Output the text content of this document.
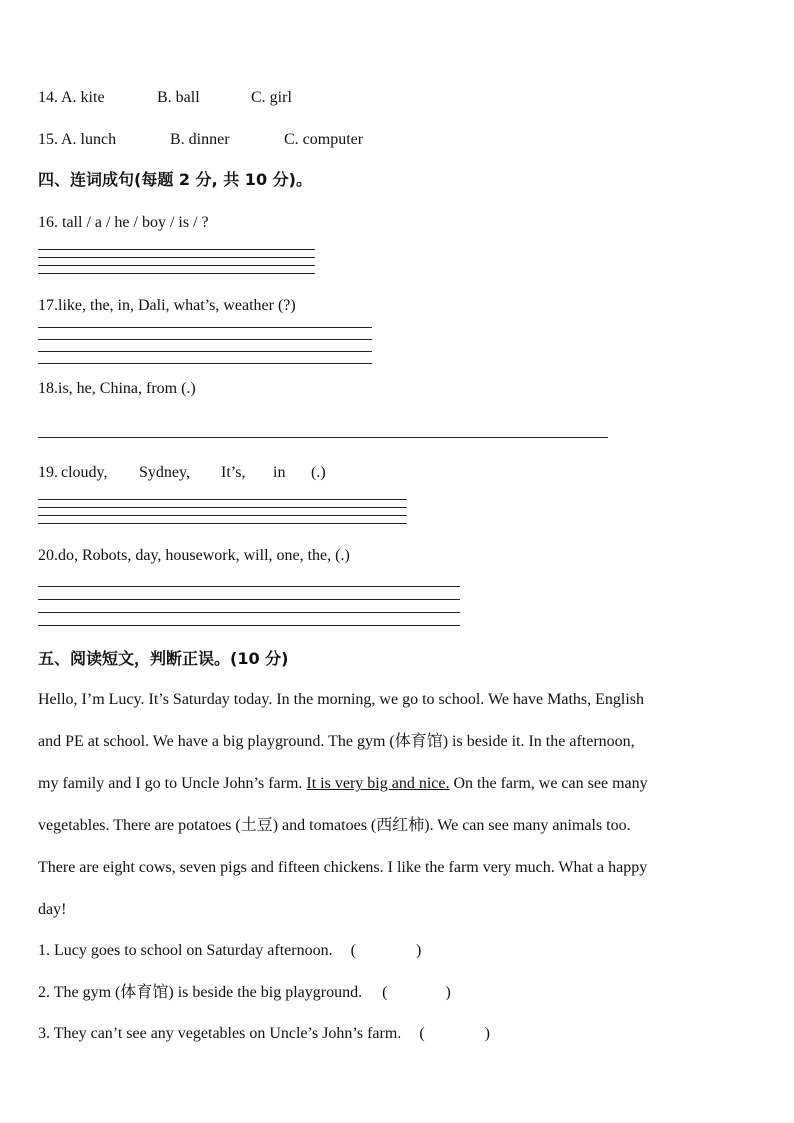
14. A. kite	B. ball	C. girl
15. A. lunch	B. dinner	C. computer
四、连词成句(每题 2 分, 共 10 分)。
16. tall / a / he / boy / is / ?
17.like, the, in, Dali, what’s, weather (?)
18.is, he, China, from (.)
19. cloudy, Sydney, It’s, in (.)
20.do, Robots, day, housework, will, one, the, (.)
五、阅读短文，判断正误。(10 分)
Hello, I’m Lucy. It’s Saturday today. In the morning, we go to school. We have Maths, English
and PE at school. We have a big playground. The gym (体育馆) is beside it. In the afternoon,
my family and I go to Uncle John’s farm. It is very big and nice. On the farm, we can see many
vegetables. There are potatoes (土豆) and tomatoes (西红柿). We can see many animals too.
There are eight cows, seven pigs and fifteen chickens. I like the farm very much. What a happy
day!
1. Lucy goes to school on Saturday afternoon. (	)
2. The gym (体育馆) is beside the big playground. (	)
3. They can’t see any vegetables on Uncle’s John’s farm. (	)
